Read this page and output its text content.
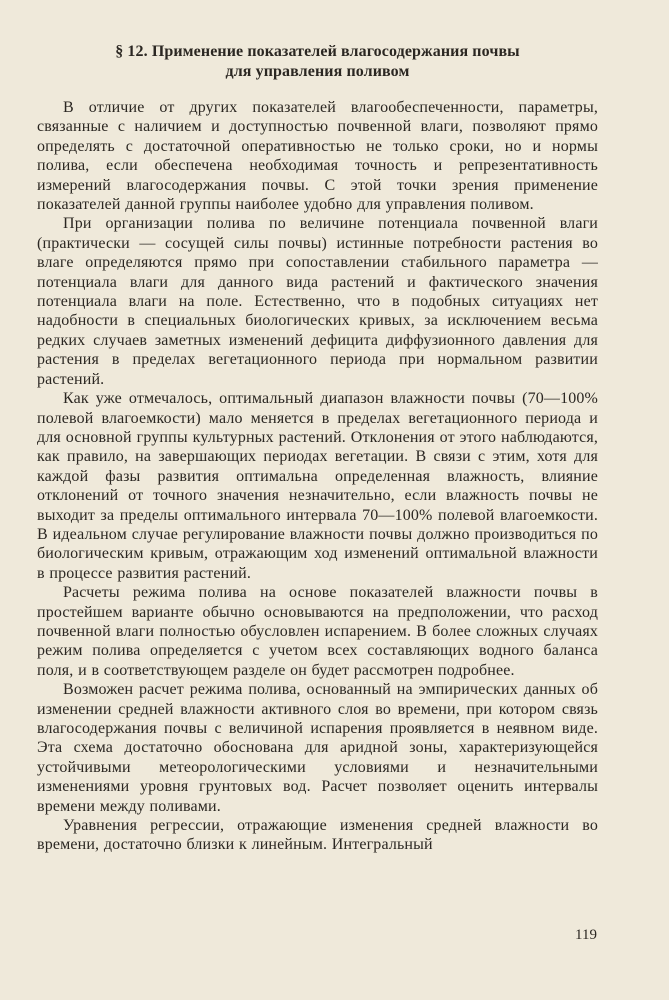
§ 12. Применение показателей влагосодержания почвы
для управления поливом

В отличие от других показателей влагообеспеченности, параметры, связанные с наличием и доступностью почвенной влаги, позволяют прямо определять с достаточной оперативностью не только сроки, но и нормы полива, если обеспечена необходимая точность и репрезентативность измерений влагосодержания почвы. С этой точки зрения применение показателей данной группы наиболее удобно для управления поливом.

При организации полива по величине потенциала почвенной влаги (практически — сосущей силы почвы) истинные потребности растения во влаге определяются прямо при сопоставлении стабильного параметра — потенциала влаги для данного вида растений и фактического значения потенциала влаги на поле. Естественно, что в подобных ситуациях нет надобности в специальных биологических кривых, за исключением весьма редких случаев заметных изменений дефицита диффузионного давления для растения в пределах вегетационного периода при нормальном развитии растений.

Как уже отмечалось, оптимальный диапазон влажности почвы (70—100% полевой влагоемкости) мало меняется в пределах вегетационного периода и для основной группы культурных растений. Отклонения от этого наблюдаются, как правило, на завершающих периодах вегетации. В связи с этим, хотя для каждой фазы развития оптимальна определенная влажность, влияние отклонений от точного значения незначительно, если влажность почвы не выходит за пределы оптимального интервала 70—100% полевой влагоемкости. В идеальном случае регулирование влажности почвы должно производиться по биологическим кривым, отражающим ход изменений оптимальной влажности в процессе развития растений.

Расчеты режима полива на основе показателей влажности почвы в простейшем варианте обычно основываются на предположении, что расход почвенной влаги полностью обусловлен испарением. В более сложных случаях режим полива определяется с учетом всех составляющих водного баланса поля, и в соответствующем разделе он будет рассмотрен подробнее.

Возможен расчет режима полива, основанный на эмпирических данных об изменении средней влажности активного слоя во времени, при котором связь влагосодержания почвы с величиной испарения проявляется в неявном виде. Эта схема достаточно обоснована для аридной зоны, характеризующейся устойчивыми метеорологическими условиями и незначительными изменениями уровня грунтовых вод. Расчет позволяет оценить интервалы времени между поливами.

Уравнения регрессии, отражающие изменения средней влажности во времени, достаточно близки к линейным. Интегральный

119
